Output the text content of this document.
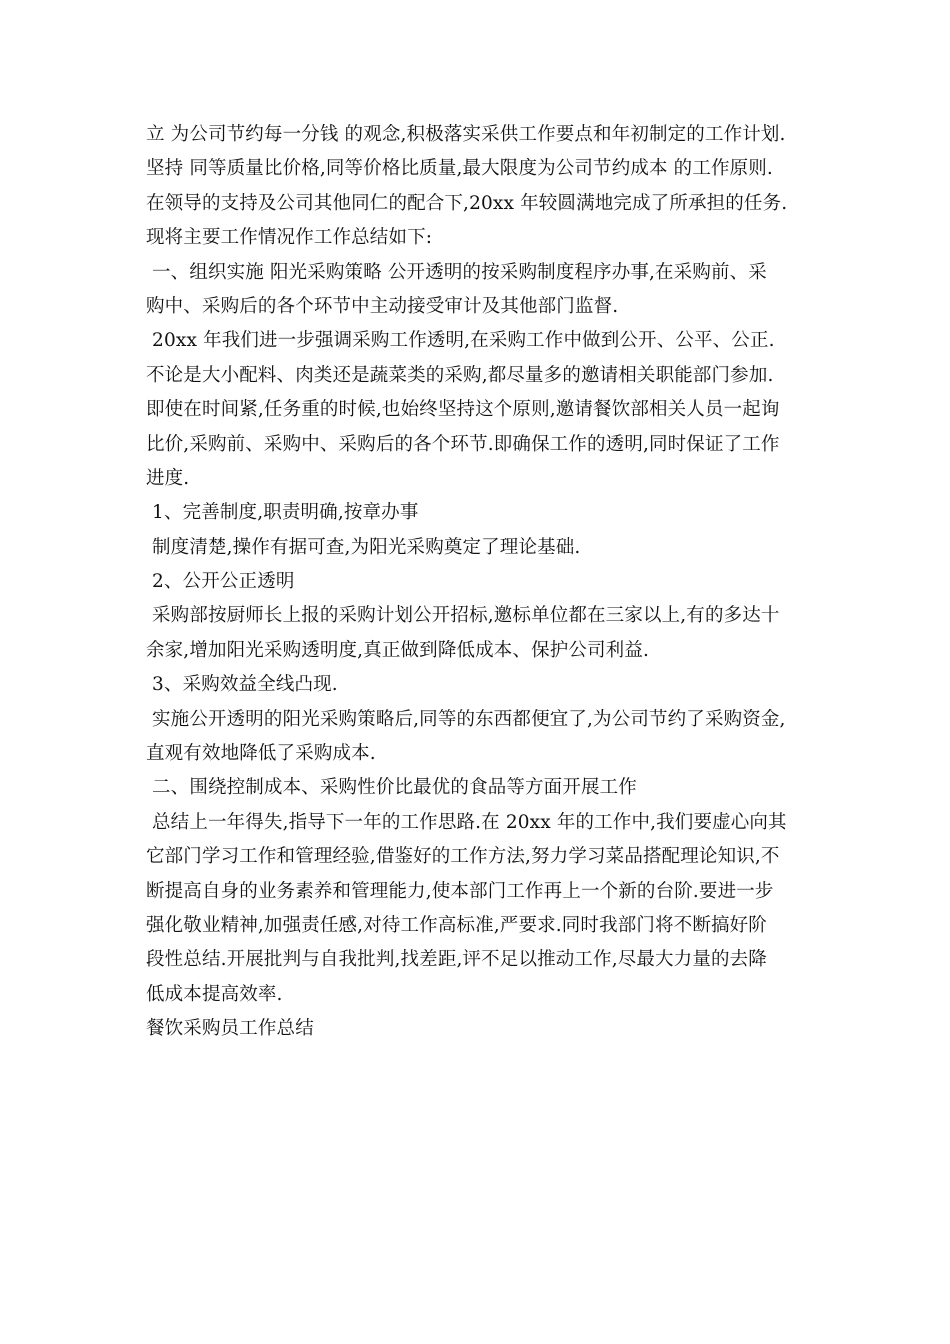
立 为公司节约每一分钱 的观念,积极落实采供工作要点和年初制定的工作计划.
坚持 同等质量比价格,同等价格比质量,最大限度为公司节约成本 的工作原则.
在领导的支持及公司其他同仁的配合下,20xx 年较圆满地完成了所承担的任务.
现将主要工作情况作工作总结如下:
一、组织实施 阳光采购策略 公开透明的按采购制度程序办事,在采购前、采
购中、采购后的各个环节中主动接受审计及其他部门监督.
20xx 年我们进一步强调采购工作透明,在采购工作中做到公开、公平、公正.
不论是大小配料、肉类还是蔬菜类的采购,都尽量多的邀请相关职能部门参加.
即使在时间紧,任务重的时候,也始终坚持这个原则,邀请餐饮部相关人员一起询
比价,采购前、采购中、采购后的各个环节.即确保工作的透明,同时保证了工作
进度.
1、完善制度,职责明确,按章办事
制度清楚,操作有据可查,为阳光采购奠定了理论基础.
2、公开公正透明
采购部按厨师长上报的采购计划公开招标,邀标单位都在三家以上,有的多达十
余家,增加阳光采购透明度,真正做到降低成本、保护公司利益.
3、采购效益全线凸现.
实施公开透明的阳光采购策略后,同等的东西都便宜了,为公司节约了采购资金,
直观有效地降低了采购成本.
二、围绕控制成本、采购性价比最优的食品等方面开展工作
总结上一年得失,指导下一年的工作思路.在 20xx 年的工作中,我们要虚心向其
它部门学习工作和管理经验,借鉴好的工作方法,努力学习菜品搭配理论知识,不
断提高自身的业务素养和管理能力,使本部门工作再上一个新的台阶.要进一步
强化敬业精神,加强责任感,对待工作高标准,严要求.同时我部门将不断搞好阶
段性总结.开展批判与自我批判,找差距,评不足以推动工作,尽最大力量的去降
低成本提高效率.
餐饮采购员工作总结
